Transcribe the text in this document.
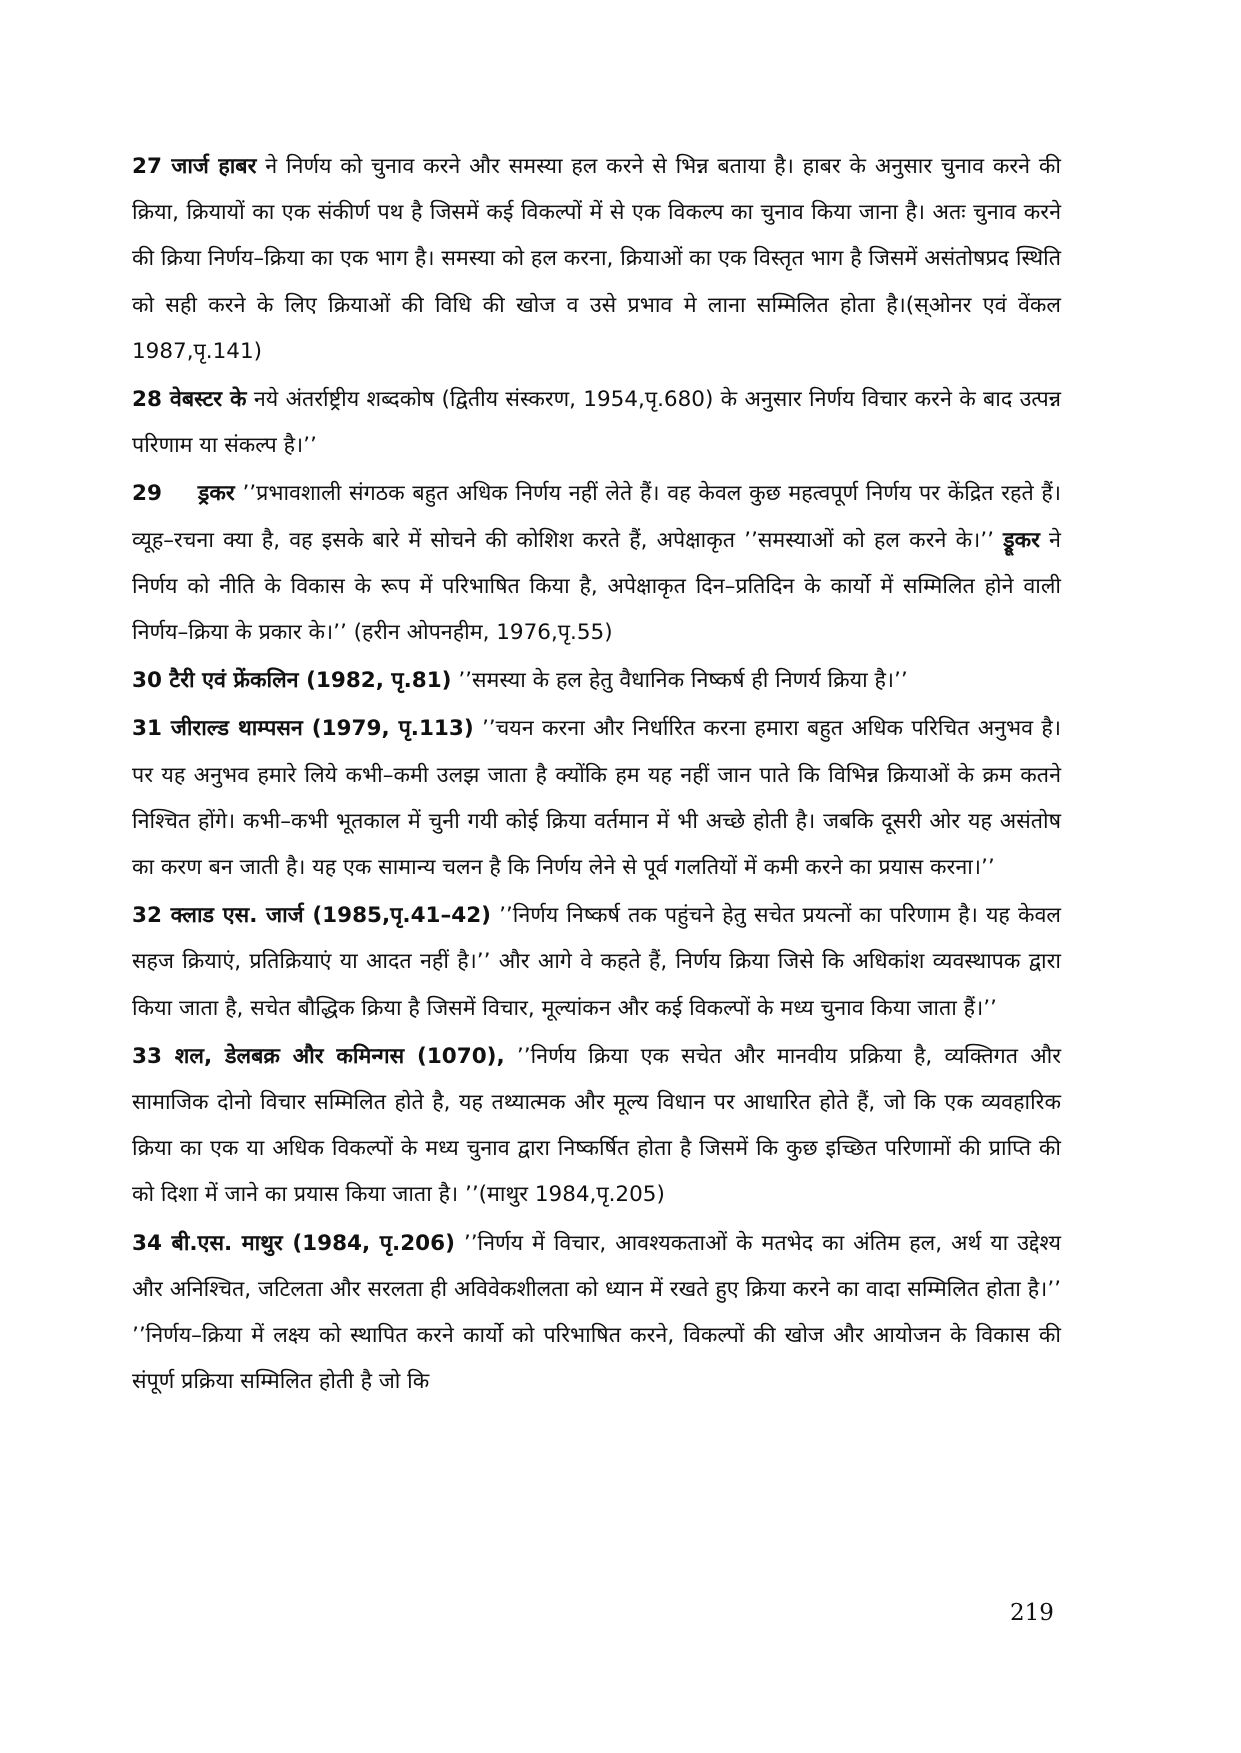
27 जार्ज हाबर ने निर्णय को चुनाव करने और समस्या हल करने से भिन्न बताया है। हाबर के अनुसार चुनाव करने की क्रिया, क्रियायों का एक संकीर्ण पथ है जिसमें कई विकल्पों में से एक विकल्प का चुनाव किया जाना है। अतः चुनाव करने की क्रिया निर्णय–क्रिया का एक भाग है। समस्या को हल करना, क्रियाओं का एक विस्तृत भाग है जिसमें असंतोषप्रद स्थिति को सही करने के लिए क्रियाओं की विधि की खोज व उसे प्रभाव मे लाना सम्मिलित होता है।(स्ओनर एवं वेंकल 1987,पृ.141)

28 वेबस्टर के नये अंतर्राष्ट्रीय शब्दकोष (द्वितीय संस्करण, 1954,पृ.680) के अनुसार निर्णय विचार करने के बाद उत्पन्न परिणाम या संकल्प है।’’

29 ड्रकर ’’प्रभावशाली संगठक बहुत अधिक निर्णय नहीं लेते हैं। वह केवल कुछ महत्वपूर्ण निर्णय पर केंद्रित रहते हैं। व्यूह–रचना क्या है, वह इसके बारे में सोचने की कोशिश करते हैं, अपेक्षाकृत ’’समस्याओं को हल करने के।’’ ड्रूकर ने निर्णय को नीति के विकास के रूप में परिभाषित किया है, अपेक्षाकृत दिन–प्रतिदिन के कार्यो में सम्मिलित होने वाली निर्णय–क्रिया के प्रकार के।’’ (हरीन ओपनहीम, 1976,पृ.55)

30 टैरी एवं फ्रेंकलिन (1982, पृ.81) ’’समस्या के हल हेतु वैधानिक निष्कर्ष ही निणर्य क्रिया है।’’

31 जीराल्ड थाम्पसन (1979, पृ.113) ’’चयन करना और निर्धारित करना हमारा बहुत अधिक परिचित अनुभव है। पर यह अनुभव हमारे लिये कभी–कमी उलझ जाता है क्योंकि हम यह नहीं जान पाते कि विभिन्न क्रियाओं के क्रम कतने निश्चित होंगे। कभी–कभी भूतकाल में चुनी गयी कोई क्रिया वर्तमान में भी अच्छे होती है। जबकि दूसरी ओर यह असंतोष का करण बन जाती है। यह एक सामान्य चलन है कि निर्णय लेने से पूर्व गलतियों में कमी करने का प्रयास करना।’’

32 क्लाड एस. जार्ज (1985,पृ.41–42) ’’निर्णय निष्कर्ष तक पहुंचने हेतु सचेत प्रयत्नों का परिणाम है। यह केवल सहज क्रियाएं, प्रतिक्रियाएं या आदत नहीं है।’’ और आगे वे कहते हैं, निर्णय क्रिया जिसे कि अधिकांश व्यवस्थापक द्वारा किया जाता है, सचेत बौद्धिक क्रिया है जिसमें विचार, मूल्यांकन और कई विकल्पों के मध्य चुनाव किया जाता हैं।’’

33 शल, डेलबक्र और कमिन्गस (1070), ’’निर्णय क्रिया एक सचेत और मानवीय प्रक्रिया है, व्यक्तिगत और सामाजिक दोनो विचार सम्मिलित होते है, यह तथ्यात्मक और मूल्य विधान पर आधारित होते हैं, जो कि एक व्यवहारिक क्रिया का एक या अधिक विकल्पों के मध्य चुनाव द्वारा निष्कर्षित होता है जिसमें कि कुछ इच्छित परिणामों की प्राप्ति की को दिशा में जाने का प्रयास किया जाता है। ’’(माथुर 1984,पृ.205)

34 बी.एस. माथुर (1984, पृ.206) ’’निर्णय में विचार, आवश्यकताओं के मतभेद का अंतिम हल, अर्थ या उद्देश्य और अनिश्चित, जटिलता और सरलता ही अविवेकशीलता को ध्यान में रखते हुए क्रिया करने का वादा सम्मिलित होता है।’’ ’’निर्णय–क्रिया में लक्ष्य को स्थापित करने कार्यो को परिभाषित करने, विकल्पों की खोज और आयोजन के विकास की संपूर्ण प्रक्रिया सम्मिलित होती है जो कि

219
